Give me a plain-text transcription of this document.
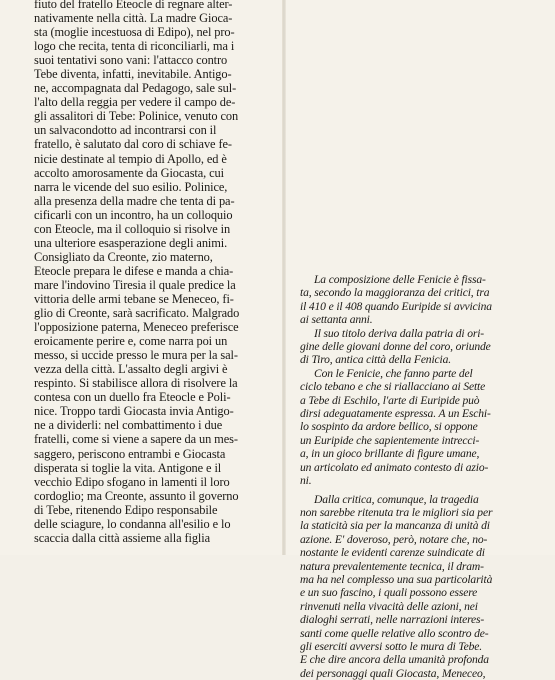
fiuto del fratello Eteocle di regnare alter-
nativamente nella città. La madre Gioca-
sta (moglie incestuosa di Edipo), nel pro-
logo che recita, tenta di riconciliarli, ma i
suoi tentativi sono vani: l'attacco contro
Tebe diventa, infatti, inevitabile. Antigo-
ne, accompagnata dal Pedagogo, sale sul-
l'alto della reggia per vedere il campo de-
gli assalitori di Tebe: Polinice, venuto con
un salvacondotto ad incontrarsi con il
fratello, è salutato dal coro di schiave fe-
nicie destinate al tempio di Apollo, ed è
accolto amorosamente da Giocasta, cui
narra le vicende del suo esilio. Polinice,
alla presenza della madre che tenta di pa-
cificarli con un incontro, ha un colloquio
con Eteocle, ma il colloquio si risolve in
una ulteriore esasperazione degli animi.
Consigliato da Creonte, zio materno,
Eteocle prepara le difese e manda a chia-
mare l'indovino Tiresia il quale predice la
vittoria delle armi tebane se Meneceo, fi-
glio di Creonte, sarà sacrificato. Malgrado
l'opposizione paterna, Meneceo preferisce
eroicamente perire e, come narra poi un
messo, si uccide presso le mura per la sal-
vezza della città. L'assalto degli argivi è
respinto. Si stabilisce allora di risolvere la
contesa con un duello fra Eteocle e Poli-
nice. Troppo tardi Giocasta invia Antigo-
ne a dividerli: nel combattimento i due
fratelli, come si viene a sapere da un mes-
saggero, periscono entrambi e Giocasta
disperata si toglie la vita. Antigone e il
vecchio Edipo sfogano in lamenti il loro
cordoglio; ma Creonte, assunto il governo
di Tebe, ritenendo Edipo responsabile
delle sciagure, lo condanna all'esilio e lo
scaccia dalla città assieme alla figlia

La composizione delle Fenicie è fissa-
ta, secondo la maggioranza dei critici, tra
il 410 e il 408 quando Euripide si avvicina
ai settanta anni.

Il suo titolo deriva dalla patria di ori-
gine delle giovani donne del coro, oriunde
di Tiro, antica città della Fenicia.

Con le Fenicie, che fanno parte del
ciclo tebano e che si riallacciano ai Sette
a Tebe di Eschilo, l'arte di Euripide può
dirsi adeguatamente espressa. A un Eschi-
lo sospinto da ardore bellico, si oppone
un Euripide che sapientemente intrecci-
a, in un gioco brillante di figure umane,
un articolato ed animato contesto di azio-
ni.

Dalla critica, comunque, la tragedia
non sarebbe ritenuta tra le migliori sia per
la staticità sia per la mancanza di unità di
azione. E' doveroso, però, notare che, no-
nostante le evidenti carenze suindicate di
natura prevalentemente tecnica, il dram-
ma ha nel complesso una sua particolarità
e un suo fascino, i quali possono essere
rinvenuti nella vivacità delle azioni, nei
dialoghi serrati, nelle narrazioni interes-
santi come quelle relative allo scontro de-
gli eserciti avversi sotto le mura di Tebe.
E che dire ancora della umanità profonda
dei personaggi quali Giocasta, Meneceo,
